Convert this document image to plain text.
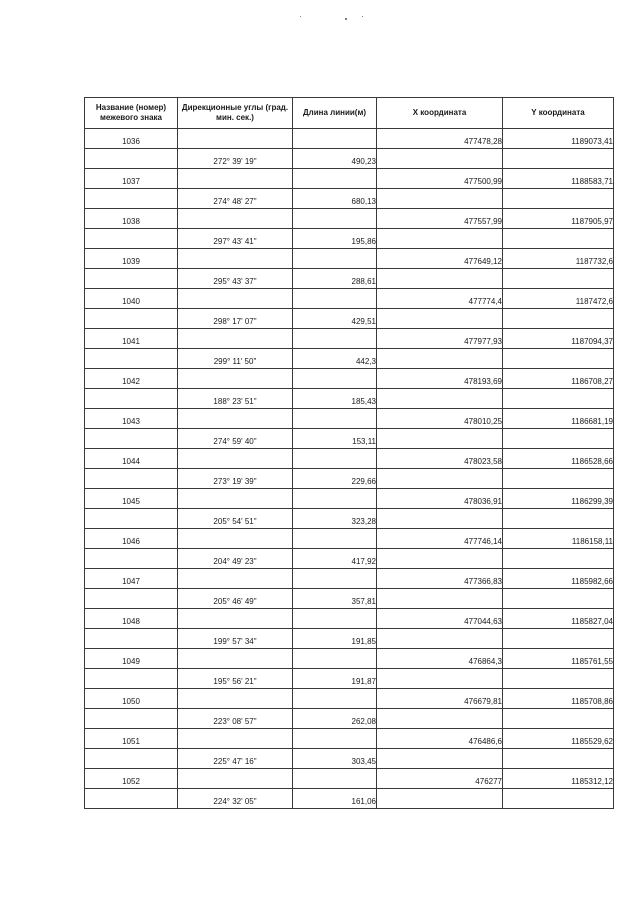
Название (номер) межевого знака	Дирекционные углы (град. мин. сек.)	Длина линии(м)	X координата	Y координата
1036			477478,28	1189073,41
	272° 39' 19"	490,23		
1037			477500,99	1188583,71
	274° 48' 27"	680,13		
1038			477557,99	1187905,97
	297° 43' 41"	195,86		
1039			477649,12	1187732,6
	295° 43' 37"	288,61		
1040			477774,4	1187472,6
	298° 17' 07"	429,51		
1041			477977,93	1187094,37
	299° 11' 50"	442,3		
1042			478193,69	1186708,27
	188° 23' 51"	185,43		
1043			478010,25	1186681,19
	274° 59' 40"	153,11		
1044			478023,58	1186528,66
	273° 19' 39"	229,66		
1045			478036,91	1186299,39
	205° 54' 51"	323,28		
1046			477746,14	1186158,11
	204° 49' 23"	417,92		
1047			477366,83	1185982,66
	205° 46' 49"	357,81		
1048			477044,63	1185827,04
	199° 57' 34"	191,85		
1049			476864,3	1185761,55
	195° 56' 21"	191,87		
1050			476679,81	1185708,86
	223° 08' 57"	262,08		
1051			476486,6	1185529,62
	225° 47' 16"	303,45		
1052			476277	1185312,12
	224° 32' 05"	161,06		
